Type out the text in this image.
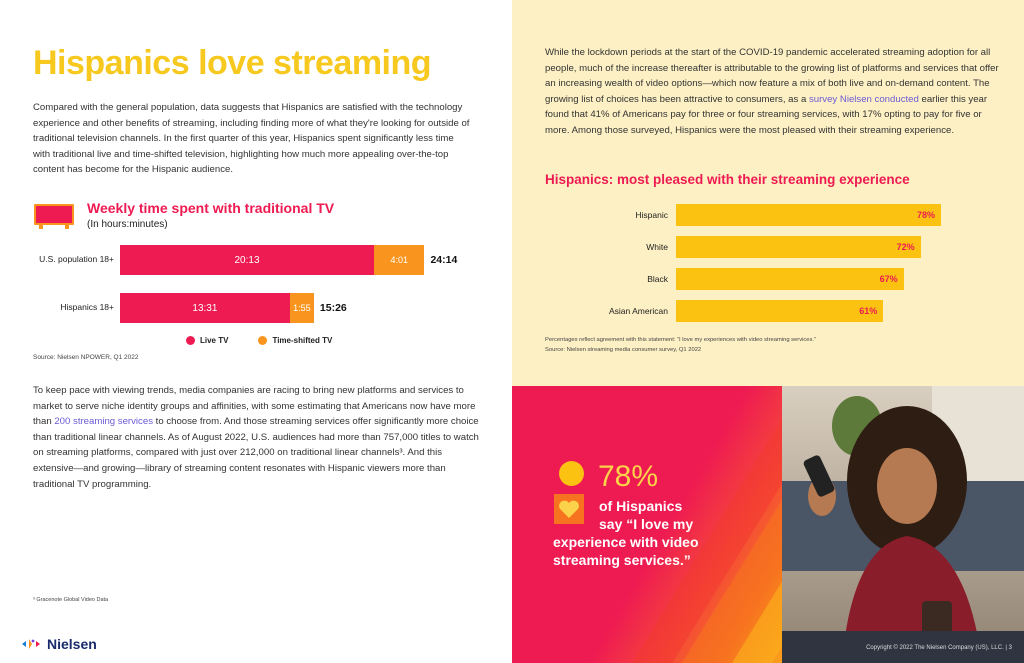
Hispanics love streaming
Compared with the general population, data suggests that Hispanics are satisfied with the technology experience and other benefits of streaming, including finding more of what they're looking for outside of traditional television channels. In the first quarter of this year, Hispanics spent significantly less time with traditional live and time-shifted television, highlighting how much more appealing over-the-top content has become for the Hispanic audience.
Weekly time spent with traditional TV
(In hours:minutes)
U.S. population 18+	20:13	4:01	24:14
Hispanics 18+	13:31	1:55 15:26
Live TV	Time-shifted TV
Source: Nielsen NPOWER, Q1 2022
To keep pace with viewing trends, media companies are racing to bring new platforms and services to market to serve niche identity groups and affinities, with some estimating that Americans now have more than 200 streaming services to choose from. And those streaming services offer significantly more choice than traditional linear channels. As of August 2022, U.S. audiences had more than 757,000 titles to watch on streaming platforms, compared with just over 212,000 on traditional linear channels³. And this extensive—and growing—library of streaming content resonates with Hispanic viewers more than traditional TV programming.
³ Gracenote Global Video Data
Nielsen
While the lockdown periods at the start of the COVID-19 pandemic accelerated streaming adoption for all people, much of the increase thereafter is attributable to the growing list of platforms and services that offer an increasing wealth of video options—which now feature a mix of both live and on-demand content. The growing list of choices has been attractive to consumers, as a survey Nielsen conducted earlier this year found that 41% of Americans pay for three or four streaming services, with 17% opting to pay for five or more. Among those surveyed, Hispanics were the most pleased with their streaming experience.
Hispanics: most pleased with their streaming experience
Hispanic	78%
White	72%
Black	67%
Asian American	61%
Percentages reflect agreement with this statement: “I love my experiences with video streaming services.”
Source: Nielsen streaming media consumer survey, Q1 2022
78%
of Hispanics
say “I love my
experience with video
streaming services.”
Copyright © 2022 The Nielsen Company (US), LLC. | 3
